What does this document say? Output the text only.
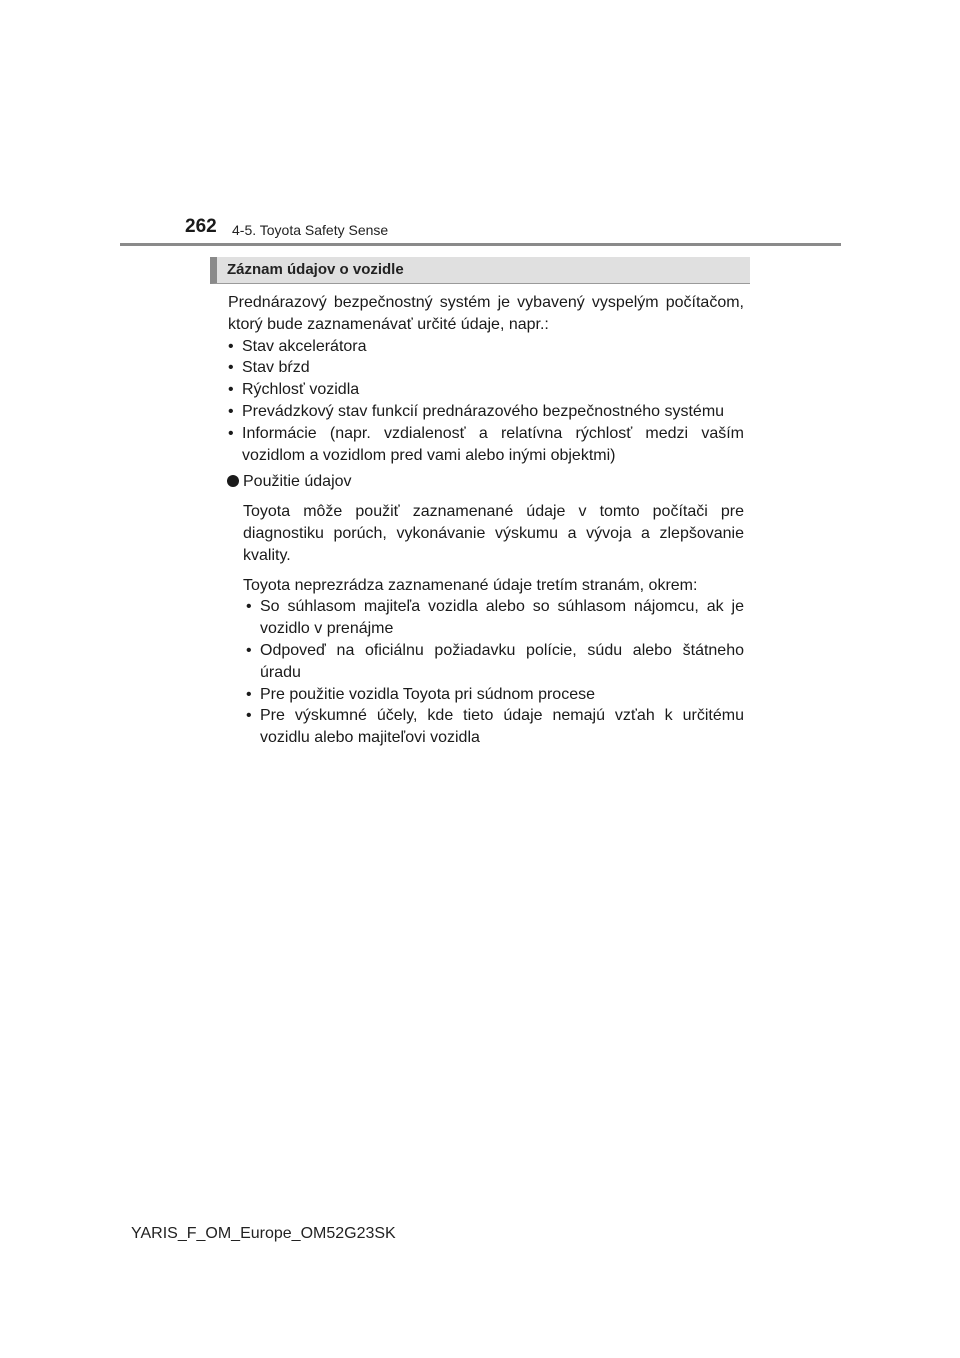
262 4-5. Toyota Safety Sense
Záznam údajov o vozidle

Prednárazový bezpečnostný systém je vybavený vyspelým počítačom, ktorý bude zaznamenávať určité údaje, napr.:

• Stav akcelerátora
• Stav bŕzd
• Rýchlosť vozidla
• Prevádzkový stav funkcií prednárazového bezpečnostného systému
• Informácie (napr. vzdialenosť a relatívna rýchlosť medzi vaším vozidlom a vozidlom pred vami alebo inými objektmi)
Použitie údajov

Toyota môže použiť zaznamenané údaje v tomto počítači pre diagnostiku porúch, vykonávanie výskumu a vývoja a zlepšovanie kvality.

Toyota neprezrádza zaznamenané údaje tretím stranám, okrem:

• So súhlasom majiteľa vozidla alebo so súhlasom nájomcu, ak je vozidlo v prenájme
• Odpoveď na oficiálnu požiadavku polície, súdu alebo štátneho úradu
• Pre použitie vozidla Toyota pri súdnom procese
• Pre výskumné účely, kde tieto údaje nemajú vzťah k určitému vozidlu alebo majiteľovi vozidla
YARIS_F_OM_Europe_OM52G23SK
